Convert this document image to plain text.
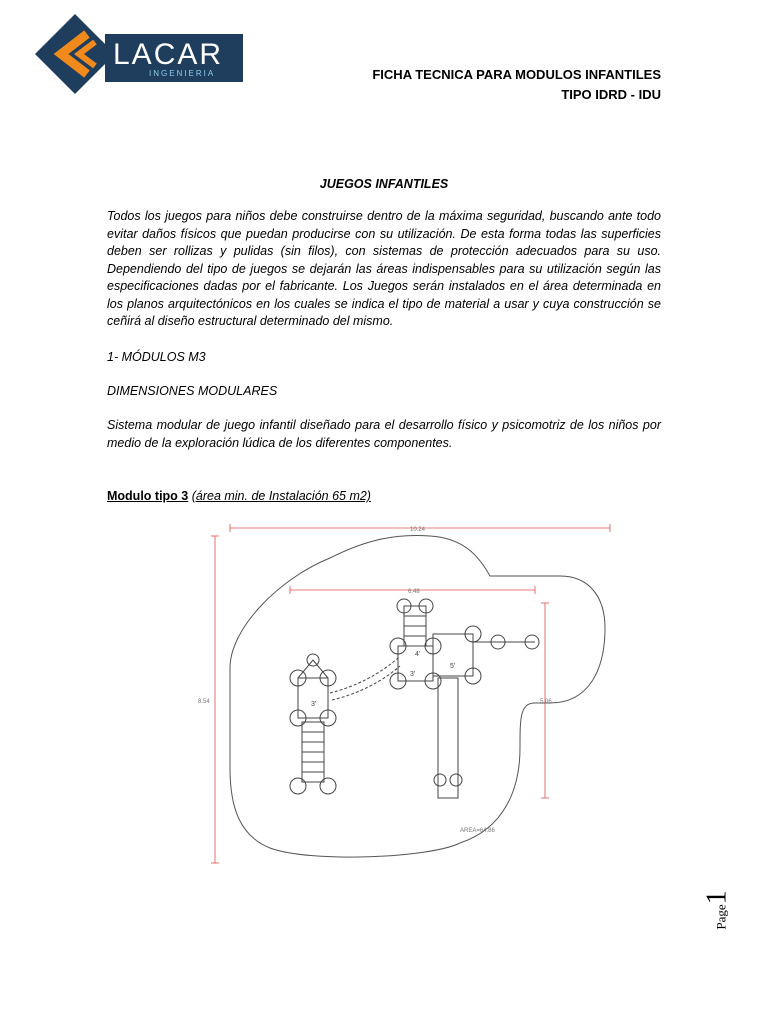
LACAR
INGENIERIA	FICHA TECNICA PARA MODULOS INFANTILES
TIPO IDRD - IDU
JUEGOS INFANTILES
Todos los juegos para niños debe construirse dentro de la máxima seguridad, buscando ante todo evitar daños físicos que puedan producirse con su utilización. De esta forma todas las superficies deben ser rollizas y pulidas (sin filos), con sistemas de protección adecuados para su uso. Dependiendo del tipo de juegos se dejarán las áreas indispensables para su utilización según las especificaciones dadas por el fabricante. Los Juegos serán instalados en el área determinada en los planos arquitectónicos en los cuales se indica el tipo de material a usar y cuya construcción se ceñirá al diseño estructural determinado del mismo.
1- MÓDULOS M3
DIMENSIONES MODULARES
Sistema modular de juego infantil diseñado para el desarrollo físico y psicomotriz de los niños por medio de la exploración lúdica de los diferentes componentes.
Modulo tipo 3 (área min. de Instalación 65 m2)
10.24
6.48
8.54	5.06
3'
4'
5'
3'
AREA=64.86
Page1
